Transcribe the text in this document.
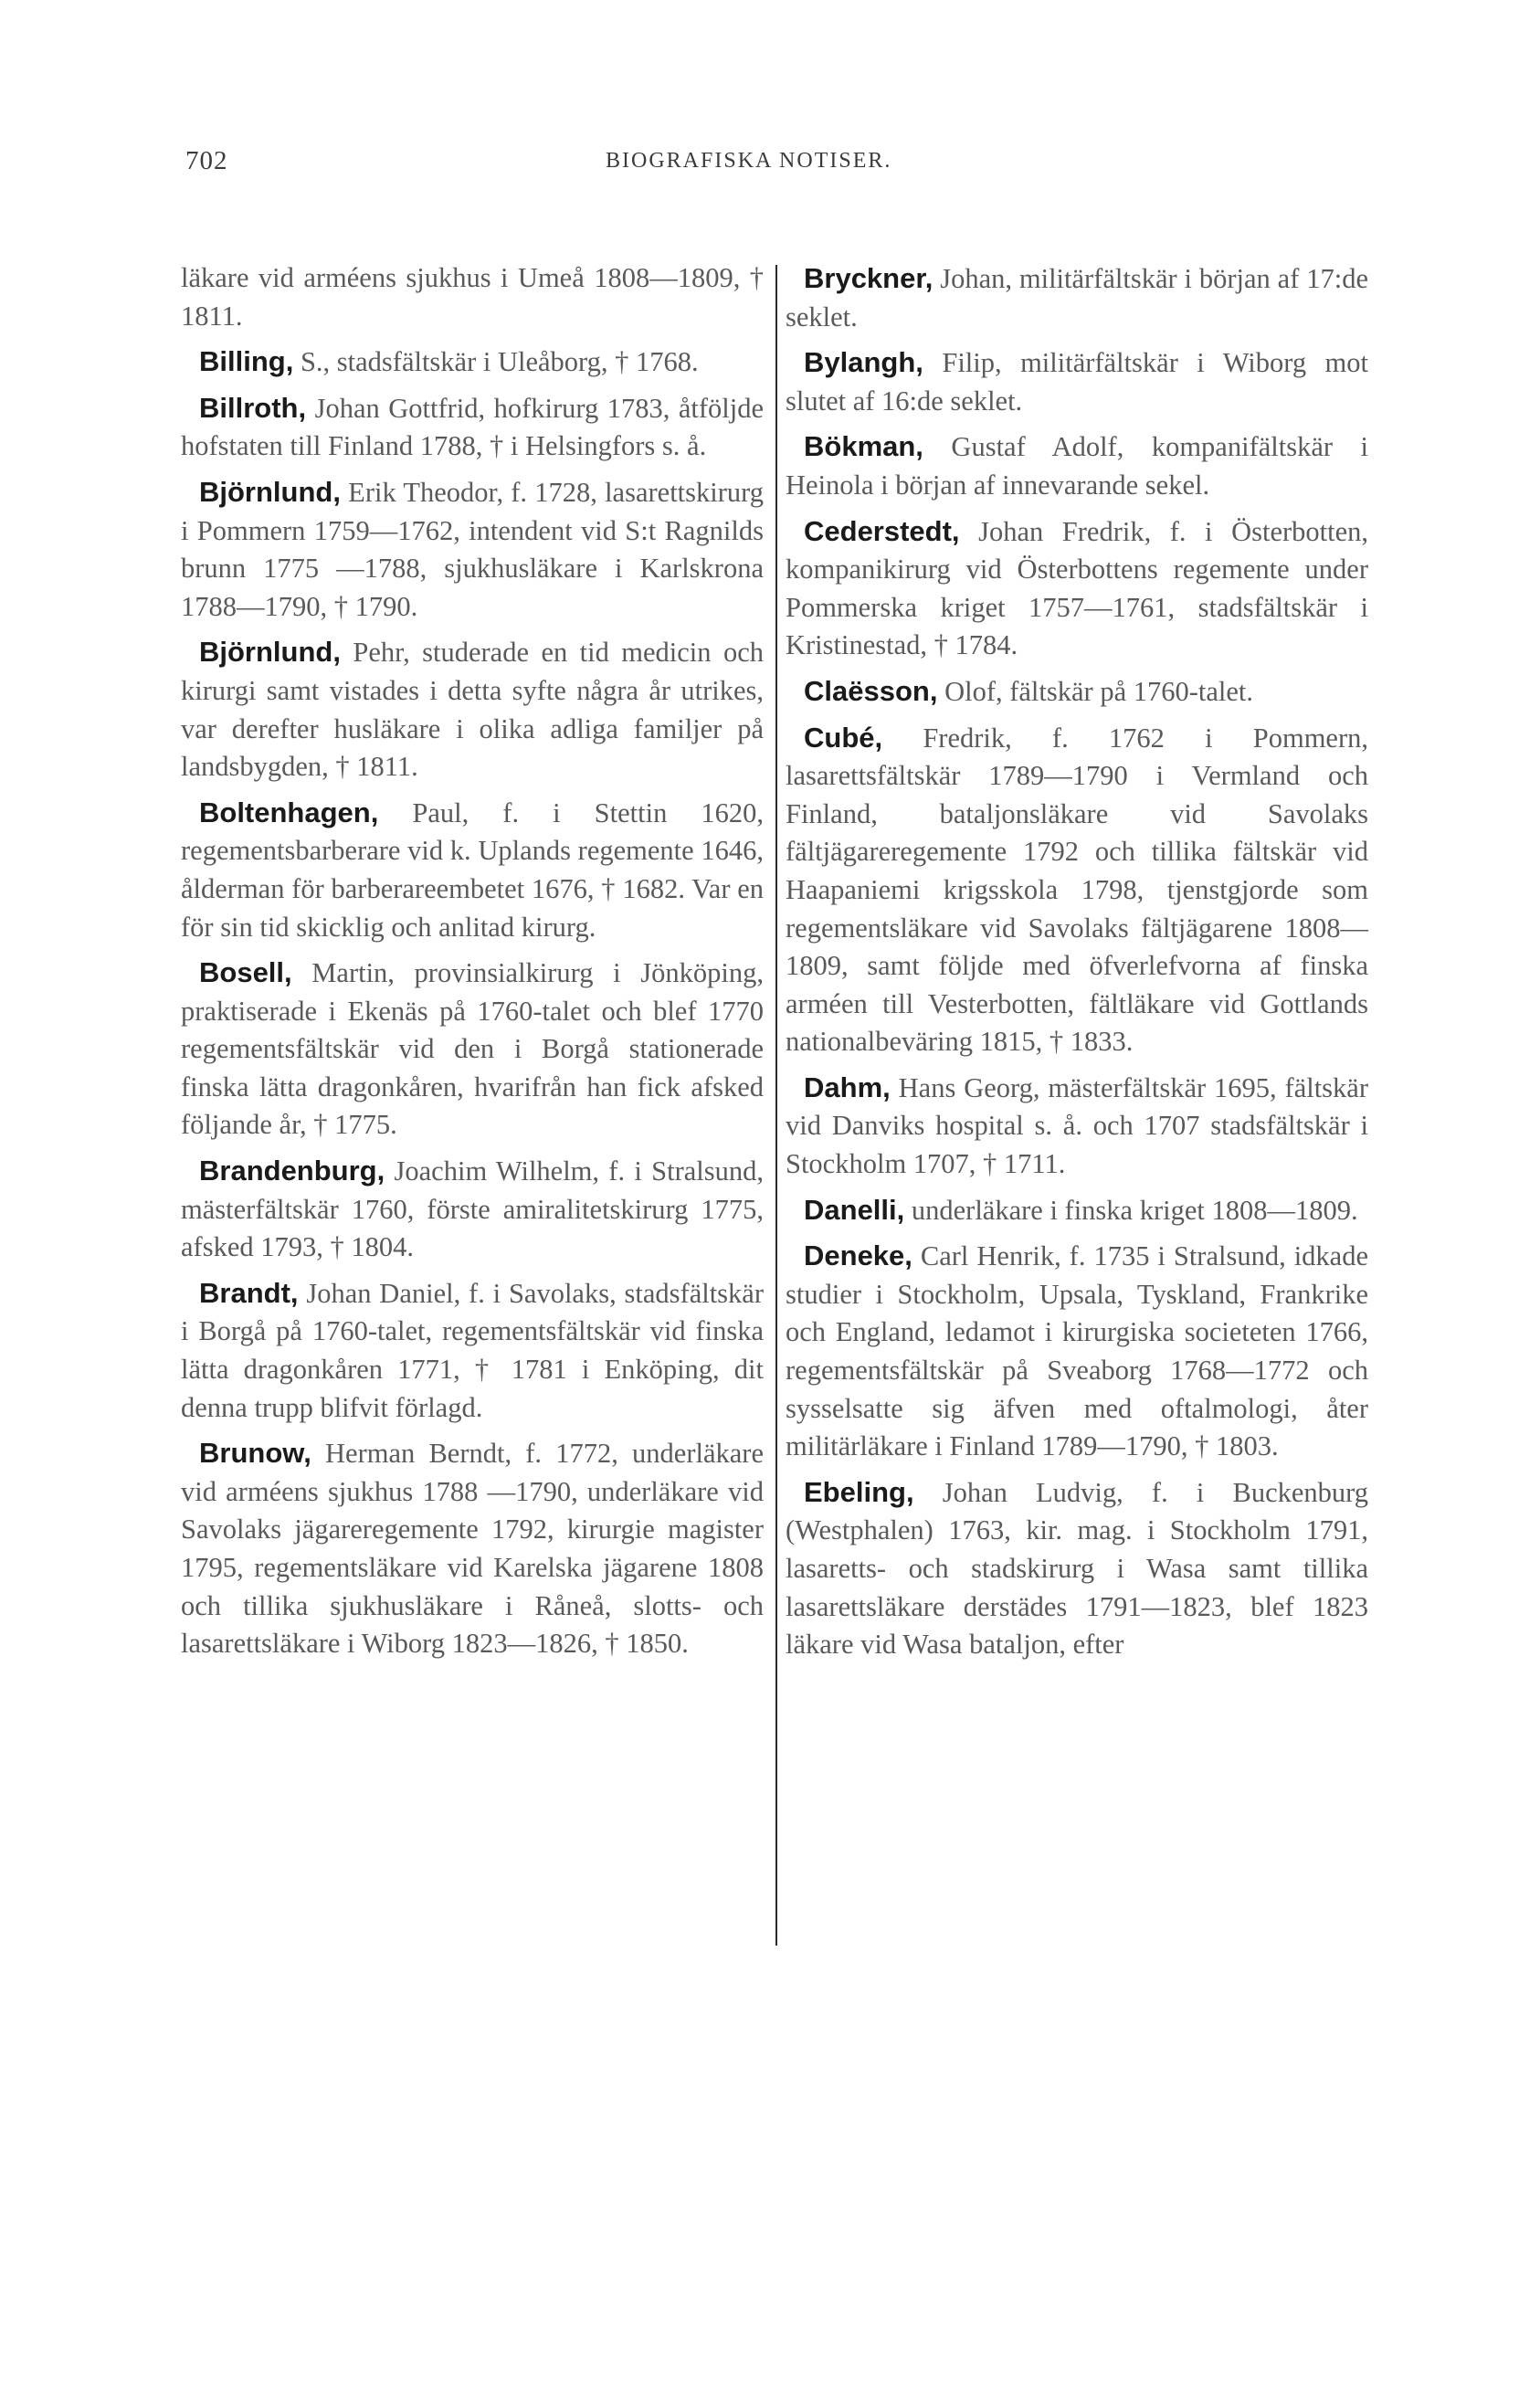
702	BIOGRAFISKA NOTISER.

läkare vid arméens sjukhus i Umeå 1808—1809, † 1811.

Billing, S., stadsfältskär i Uleåborg, † 1768.

Billroth, Johan Gottfrid, hofkirurg 1783, åtföljde hofstaten till Finland 1788, † i Helsingfors s. å.

Björnlund, Erik Theodor, f. 1728, lasarettskirurg i Pommern 1759—1762, intendent vid S:t Ragnilds brunn 1775 —1788, sjukhusläkare i Karlskrona 1788—1790, † 1790.

Björnlund, Pehr, studerade en tid medicin och kirurgi samt vistades i detta syfte några år utrikes, var derefter husläkare i olika adliga familjer på landsbygden, † 1811.

Boltenhagen, Paul, f. i Stettin 1620, regementsbarberare vid k. Uplands regemente 1646, ålderman för barberareembetet 1676, † 1682. Var en för sin tid skicklig och anlitad kirurg.

Bosell, Martin, provinsialkirurg i Jönköping, praktiserade i Ekenäs på 1760-talet och blef 1770 regementsfältskär vid den i Borgå stationerade finska lätta dragonkåren, hvarifrån han fick afsked följande år, † 1775.

Brandenburg, Joachim Wilhelm, f. i Stralsund, mästerfältskär 1760, förste amiralitetskirurg 1775, afsked 1793, † 1804.

Brandt, Johan Daniel, f. i Savolaks, stadsfältskär i Borgå på 1760-talet, regementsfältskär vid finska lätta dragonkåren 1771, † 1781 i Enköping, dit denna trupp blifvit förlagd.

Brunow, Herman Berndt, f. 1772, underläkare vid arméens sjukhus 1788 —1790, underläkare vid Savolaks jägareregemente 1792, kirurgie magister 1795, regementsläkare vid Karelska jägarene 1808 och tillika sjukhusläkare i Råneå, slotts- och lasarettsläkare i Wiborg 1823—1826, † 1850.

Bryckner, Johan, militärfältskär i början af 17:de seklet.

Bylangh, Filip, militärfältskär i Wiborg mot slutet af 16:de seklet.

Bökman, Gustaf Adolf, kompanifältskär i Heinola i början af innevarande sekel.

Cederstedt, Johan Fredrik, f. i Österbotten, kompanikirurg vid Österbottens regemente under Pommerska kriget 1757—1761, stadsfältskär i Kristinestad, † 1784.

Claësson, Olof, fältskär på 1760-talet.

Cubé, Fredrik, f. 1762 i Pommern, lasarettsfältskär 1789—1790 i Vermland och Finland, bataljonsläkare vid Savolaks fältjägareregemente 1792 och tillika fältskär vid Haapaniemi krigsskola 1798, tjenstgjorde som regementsläkare vid Savolaks fältjägarene 1808—1809, samt följde med öfverlefvorna af finska arméen till Vesterbotten, fältläkare vid Gottlands nationalbeväring 1815, † 1833.

Dahm, Hans Georg, mästerfältskär 1695, fältskär vid Danviks hospital s. å. och 1707 stadsfältskär i Stockholm 1707, † 1711.

Danelli, underläkare i finska kriget 1808—1809.

Deneke, Carl Henrik, f. 1735 i Stralsund, idkade studier i Stockholm, Upsala, Tyskland, Frankrike och England, ledamot i kirurgiska societeten 1766, regementsfältskär på Sveaborg 1768—1772 och sysselsatte sig äfven med oftalmologi, åter militärläkare i Finland 1789—1790, † 1803.

Ebeling, Johan Ludvig, f. i Buckenburg (Westphalen) 1763, kir. mag. i Stockholm 1791, lasaretts- och stadskirurg i Wasa samt tillika lasarettsläkare derstädes 1791—1823, blef 1823 läkare vid Wasa bataljon, efter
